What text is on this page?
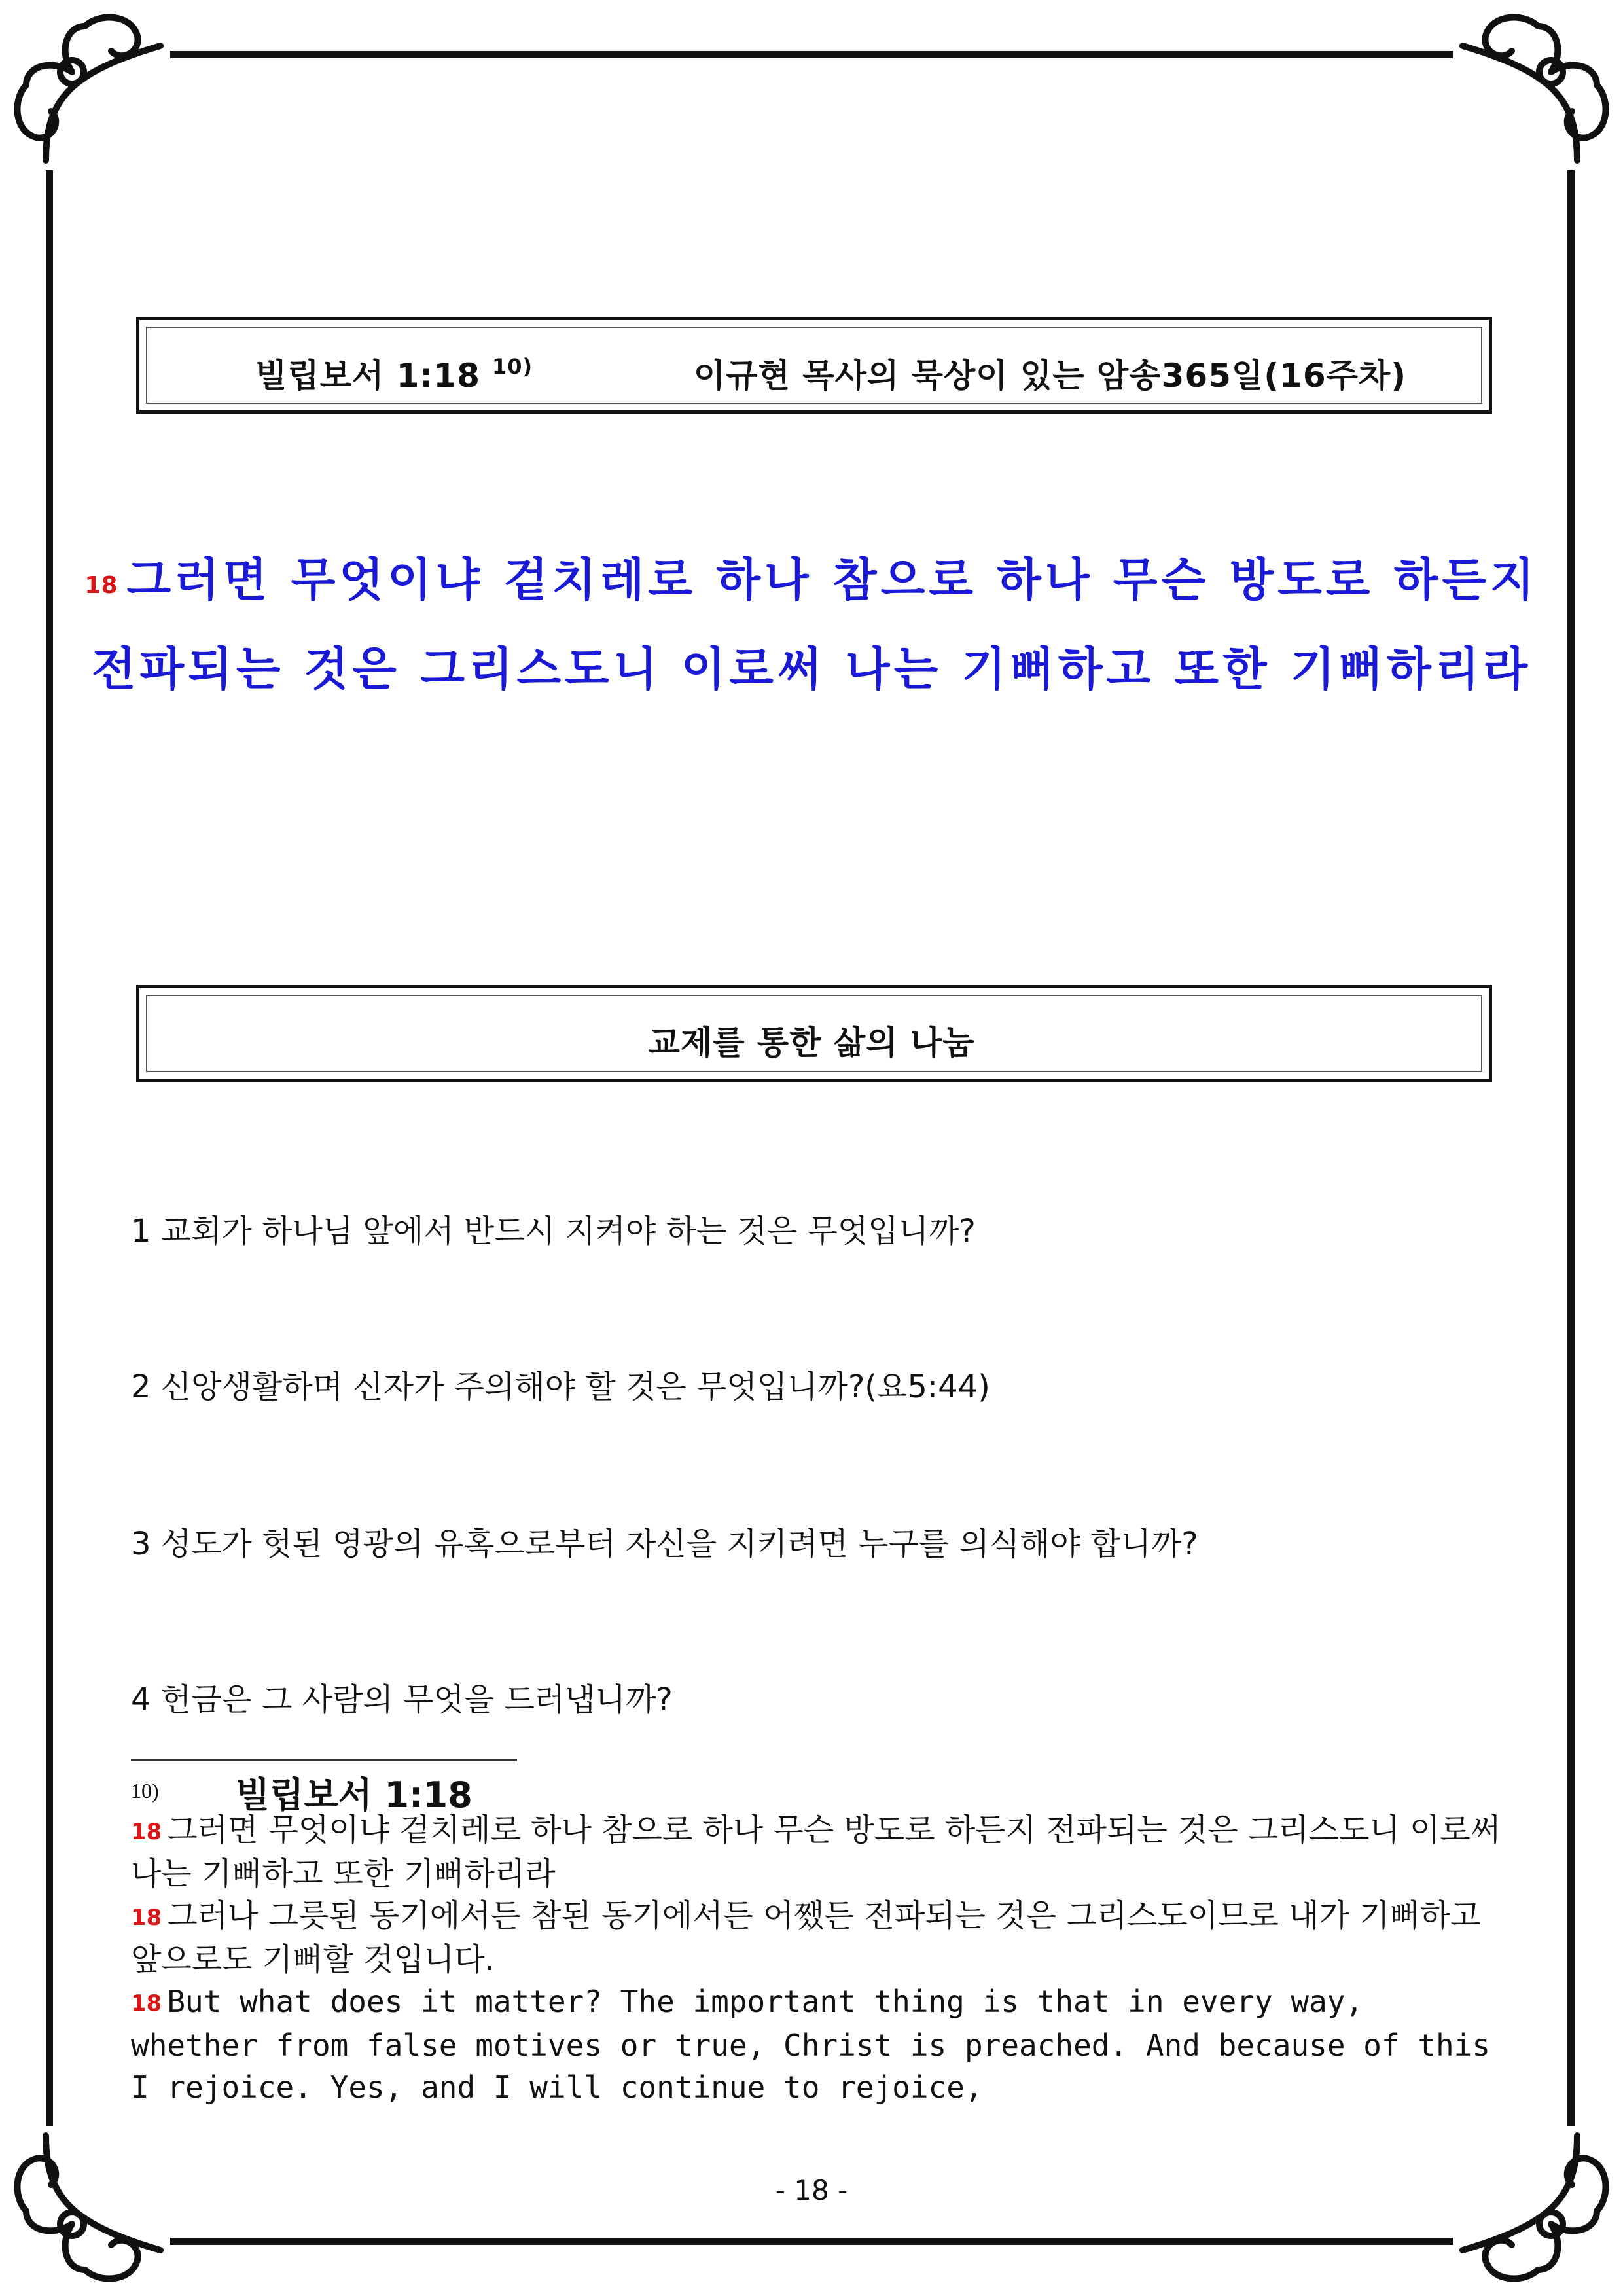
빌립보서 1:18 $^{10)}$	이규현 목사의 묵상이 있는 암송365일(16주차)
18 그러면 무엇이냐 겉치레로 하나 참으로 하나 무슨 방도로 하든지
전파되는 것은 그리스도니 이로써 나는 기뻐하고 또한 기뻐하리라
교제를 통한 삶의 나눔
1 교회가 하나님 앞에서 반드시 지켜야 하는 것은 무엇입니까?
2 신앙생활하며 신자가 주의해야 할 것은 무엇입니까?(요5:44)
3 성도가 헛된 영광의 유혹으로부터 자신을 지키려면 누구를 의식해야 합니까?
4 헌금은 그 사람의 무엇을 드러냅니까?
10) 빌립보서 1:18
18 그러면 무엇이냐 겉치레로 하나 참으로 하나 무슨 방도로 하든지 전파되는 것은 그리스도니 이로써 나는 기뻐하고 또한 기뻐하리라
18 그러나 그릇된 동기에서든 참된 동기에서든 어쨌든 전파되는 것은 그리스도이므로 내가 기뻐하고 앞으로도 기뻐할 것입니다.
18 But what does it matter? The important thing is that in every way, whether from false motives or true, Christ is preached. And because of this I rejoice. Yes, and I will continue to rejoice,
- 18 -
